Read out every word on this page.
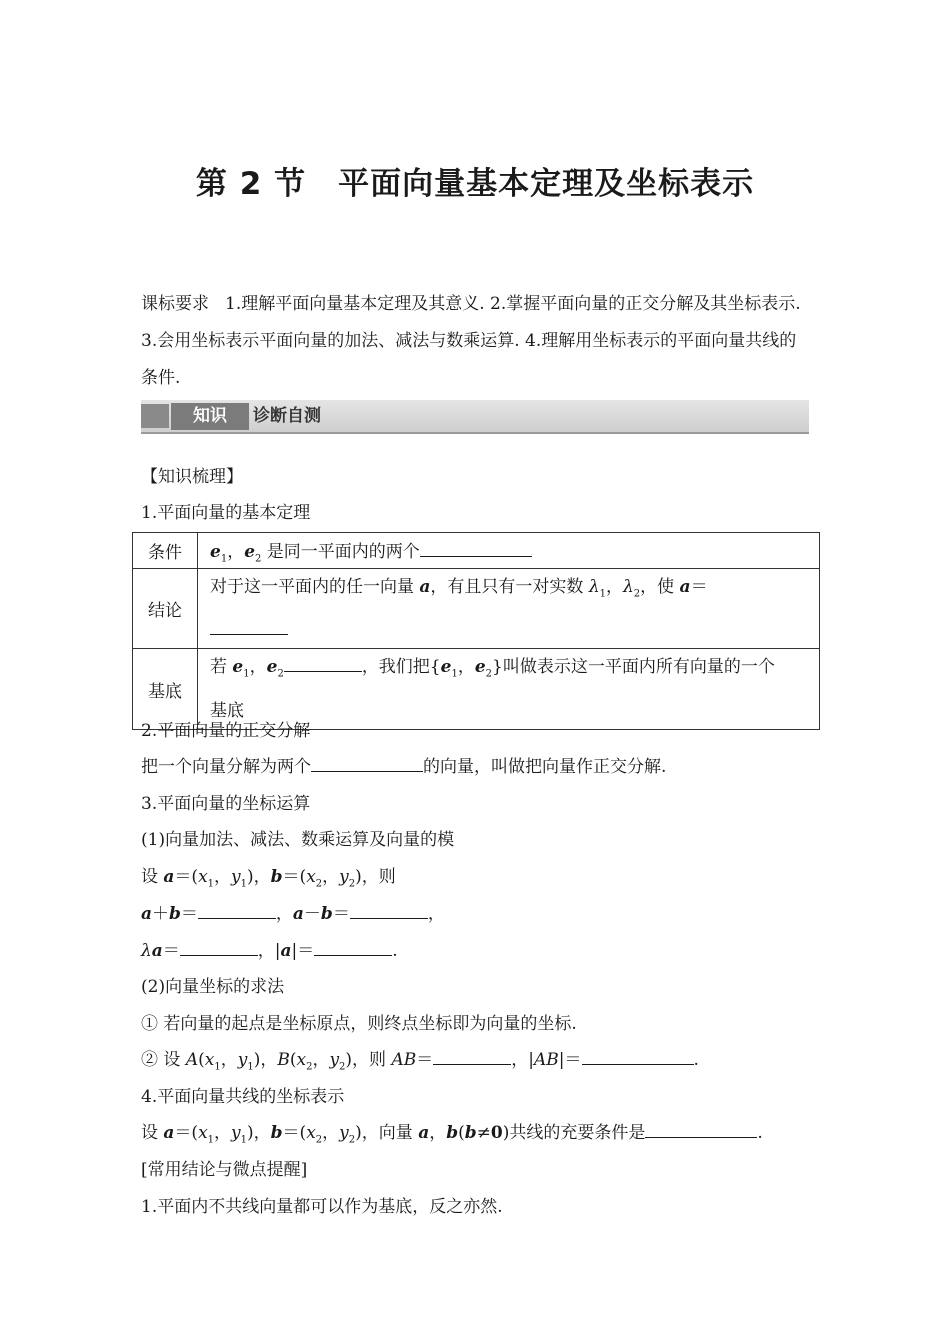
第 2 节　平面向量基本定理及坐标表示
课标要求 1.理解平面向量基本定理及其意义. 2.掌握平面向量的正交分解及其坐标表示. 3.会用坐标表示平面向量的加法、减法与数乘运算. 4.理解用坐标表示的平面向量共线的条件.
知识	诊断自测
【知识梳理】
1.平面向量的基本定理
条件	$e_1$，$e_2$ 是同一平面内的两个
结论	对于这一平面内的任一向量 a，有且只有一对实数 $\lambda_1$，$\lambda_2$，使 a＝

基底	若 $e_1$，$e_2$ ，我们把{$e_1$，$e_2$}叫做表示这一平面内所有向量的一个
基底
2.平面向量的正交分解
把一个向量分解为两个	的向量，叫做把向量作正交分解.
3.平面向量的坐标运算
(1)向量加法、减法、数乘运算及向量的模
设 $a=(x_1$，$y_1$)，$b=(x_2$，$y_2$)，则
a＋b＝	，a－b＝	，
λa＝	，|a|＝	.
(2)向量坐标的求法
① 若向量的起点是坐标原点，则终点坐标即为向量的坐标.
② 设 $A(x_1$，$y_1$)，$B(x_2$，$y_2$)，则 AB＝	，|AB|＝	.
4.平面向量共线的坐标表示
设 $a=(x_1$，$y_1$)，$b=(x_2$，$y_2$)，向量 a，b(b≠0)共线的充要条件是	.
[常用结论与微点提醒]
1.平面内不共线向量都可以作为基底，反之亦然.
